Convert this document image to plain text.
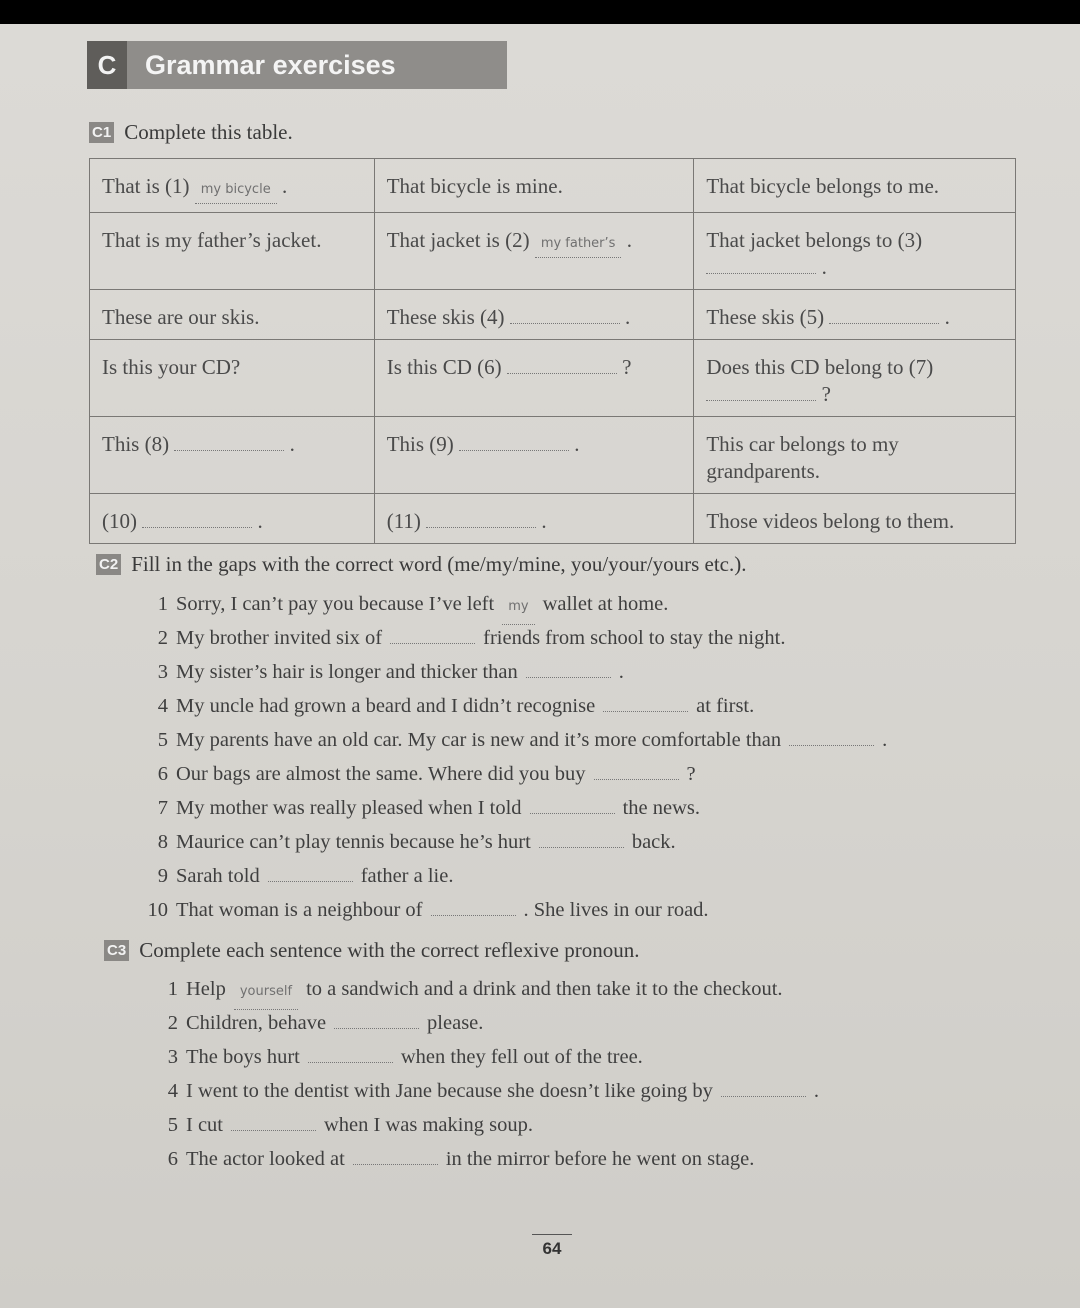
C	Grammar exercises
C1 Complete this table.
That is (1) my bicycle .	That bicycle is mine.	That bicycle belongs to me.
That is my father’s jacket.	That jacket is (2) my father’s .	That jacket belongs to (3)  .
These are our skis.	These skis (4) .	These skis (5) .
Is this your CD?	Is this CD (6) ?	Does this CD belong to (7)  ?
This (8) .	This (9) .	This car belongs to my grandparents.
(10) .	(11) .	Those videos belong to them.
C2 Fill in the gaps with the correct word (me/my/mine, you/your/yours etc.).
1 Sorry, I can’t pay you because I’ve left my wallet at home.
2 My brother invited six of	friends from school to stay the night.
3 My sister’s hair is longer and thicker than	.
4 My uncle had grown a beard and I didn’t recognise	at first.
5 My parents have an old car. My car is new and it’s more comfortable than	.
6 Our bags are almost the same. Where did you buy	?
7 My mother was really pleased when I told	the news.
8 Maurice can’t play tennis because he’s hurt	back.
9 Sarah told	father a lie.
10 That woman is a neighbour of	. She lives in our road.
C3 Complete each sentence with the correct reflexive pronoun.
1 Help yourself to a sandwich and a drink and then take it to the checkout.
2 Children, behave	please.
3 The boys hurt	when they fell out of the tree.
4 I went to the dentist with Jane because she doesn’t like going by	.
5 I cut	when I was making soup.
6 The actor looked at	in the mirror before he went on stage.
64
